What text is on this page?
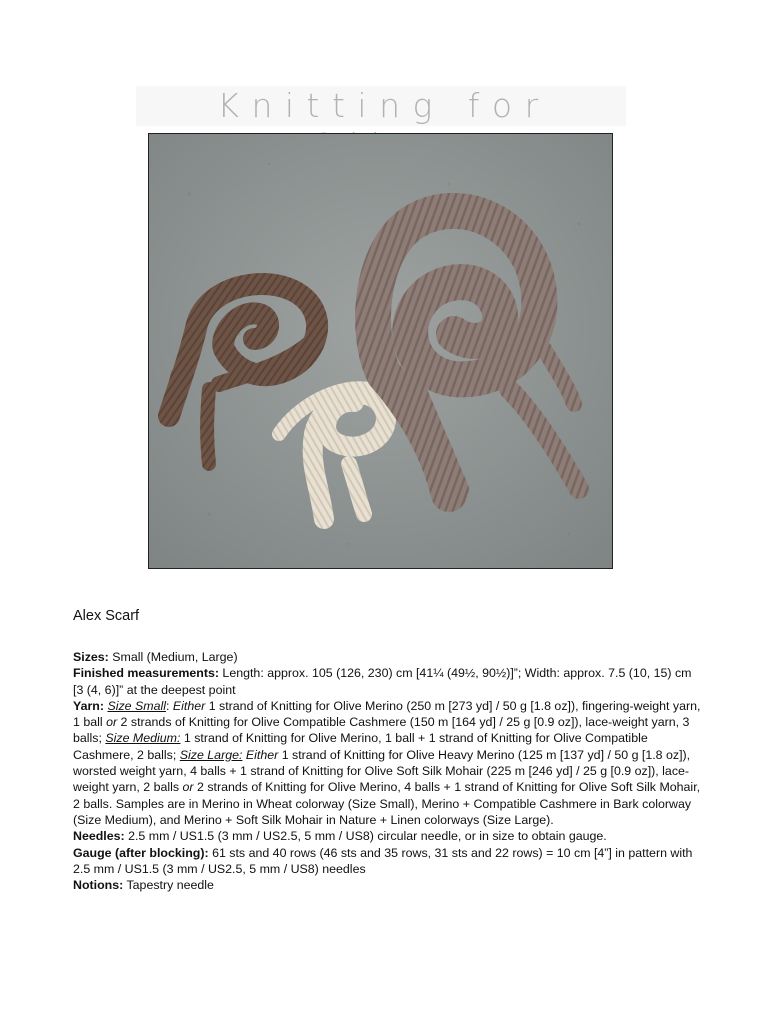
Knitting for
Alex Scarf

Sizes: Small (Medium, Large)

Finished measurements: Length: approx. 105 (126, 230) cm [41¼ (49½, 90½)]”; Width: approx. 7.5 (10, 15) cm [3 (4, 6)]” at the deepest point

Yarn: Size Small: Either 1 strand of Knitting for Olive Merino (250 m [273 yd] / 50 g [1.8 oz]), fingering-weight yarn, 1 ball or 2 strands of Knitting for Olive Compatible Cashmere (150 m [164 yd] / 25 g [0.9 oz]), lace-weight yarn, 3 balls; Size Medium: 1 strand of Knitting for Olive Merino, 1 ball + 1 strand of Knitting for Olive Compatible Cashmere, 2 balls; Size Large: Either 1 strand of Knitting for Olive Heavy Merino (125 m [137 yd] / 50 g [1.8 oz]), worsted weight yarn, 4 balls + 1 strand of Knitting for Olive Soft Silk Mohair (225 m [246 yd] / 25 g [0.9 oz]), lace-weight yarn, 2 balls or 2 strands of Knitting for Olive Merino, 4 balls + 1 strand of Knitting for Olive Soft Silk Mohair, 2 balls. Samples are in Merino in Wheat colorway (Size Small), Merino + Compatible Cashmere in Bark colorway (Size Medium), and Merino + Soft Silk Mohair in Nature + Linen colorways (Size Large).

Needles: 2.5 mm / US1.5 (3 mm / US2.5, 5 mm / US8) circular needle, or in size to obtain gauge.

Gauge (after blocking): 61 sts and 40 rows (46 sts and 35 rows, 31 sts and 22 rows) = 10 cm [4”] in pattern with 2.5 mm / US1.5 (3 mm / US2.5, 5 mm / US8) needles

Notions: Tapestry needle
